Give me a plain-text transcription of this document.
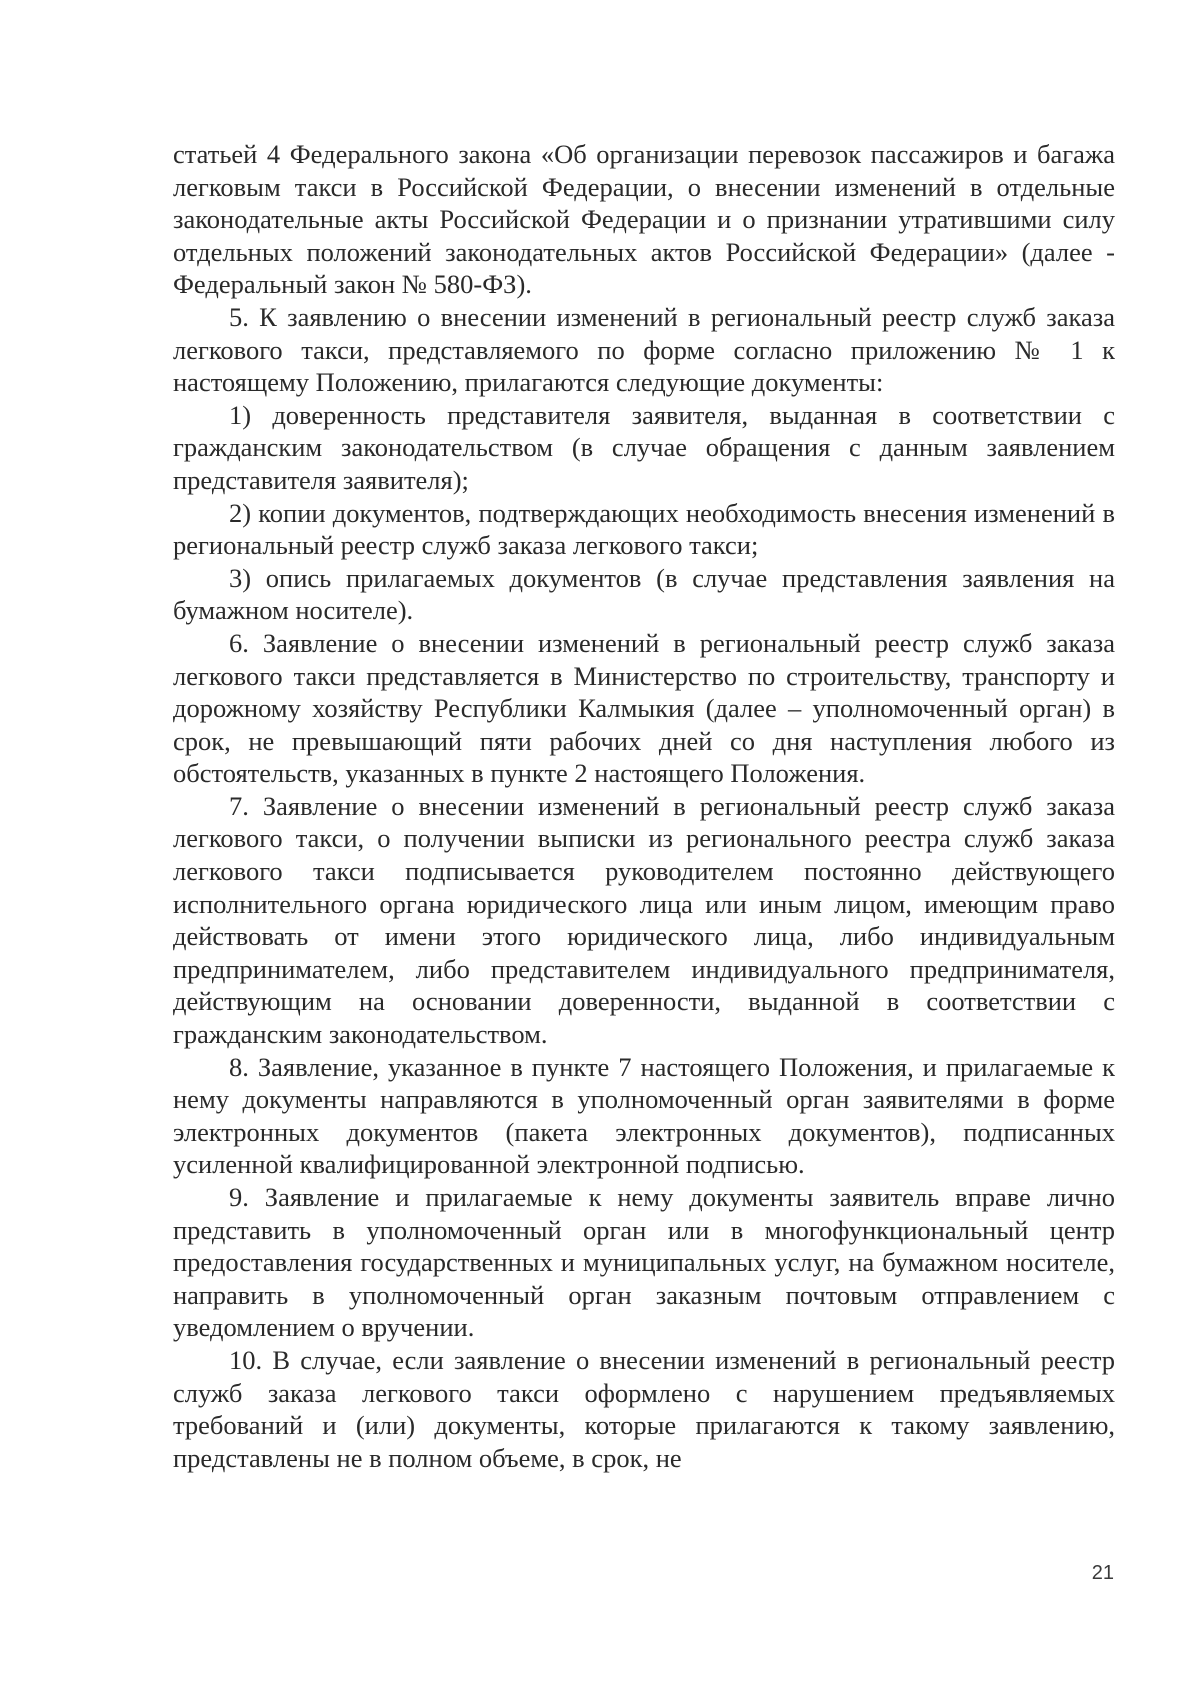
статьей 4 Федерального закона «Об организации перевозок пассажиров и багажа легковым такси в Российской Федерации, о внесении изменений в отдельные законодательные акты Российской Федерации и о признании утратившими силу отдельных положений законодательных актов Российской Федерации» (далее - Федеральный закон № 580-ФЗ).

5. К заявлению о внесении изменений в региональный реестр служб заказа легкового такси, представляемого по форме согласно приложению № 1 к настоящему Положению, прилагаются следующие документы:

1) доверенность представителя заявителя, выданная в соответствии с гражданским законодательством (в случае обращения с данным заявлением представителя заявителя);

2) копии документов, подтверждающих необходимость внесения изменений в региональный реестр служб заказа легкового такси;

3) опись прилагаемых документов (в случае представления заявления на бумажном носителе).

6. Заявление о внесении изменений в региональный реестр служб заказа легкового такси представляется в Министерство по строительству, транспорту и дорожному хозяйству Республики Калмыкия (далее – уполномоченный орган) в срок, не превышающий пяти рабочих дней со дня наступления любого из обстоятельств, указанных в пункте 2 настоящего Положения.

7. Заявление о внесении изменений в региональный реестр служб заказа легкового такси, о получении выписки из регионального реестра служб заказа легкового такси подписывается руководителем постоянно действующего исполнительного органа юридического лица или иным лицом, имеющим право действовать от имени этого юридического лица, либо индивидуальным предпринимателем, либо представителем индивидуального предпринимателя, действующим на основании доверенности, выданной в соответствии с гражданским законодательством.

8. Заявление, указанное в пункте 7 настоящего Положения, и прилагаемые к нему документы направляются в уполномоченный орган заявителями в форме электронных документов (пакета электронных документов), подписанных усиленной квалифицированной электронной подписью.

9. Заявление и прилагаемые к нему документы заявитель вправе лично представить в уполномоченный орган или в многофункциональный центр предоставления государственных и муниципальных услуг, на бумажном носителе, направить в уполномоченный орган заказным почтовым отправлением с уведомлением о вручении.

10. В случае, если заявление о внесении изменений в региональный реестр служб заказа легкового такси оформлено с нарушением предъявляемых требований и (или) документы, которые прилагаются к такому заявлению, представлены не в полном объеме, в срок, не

21
